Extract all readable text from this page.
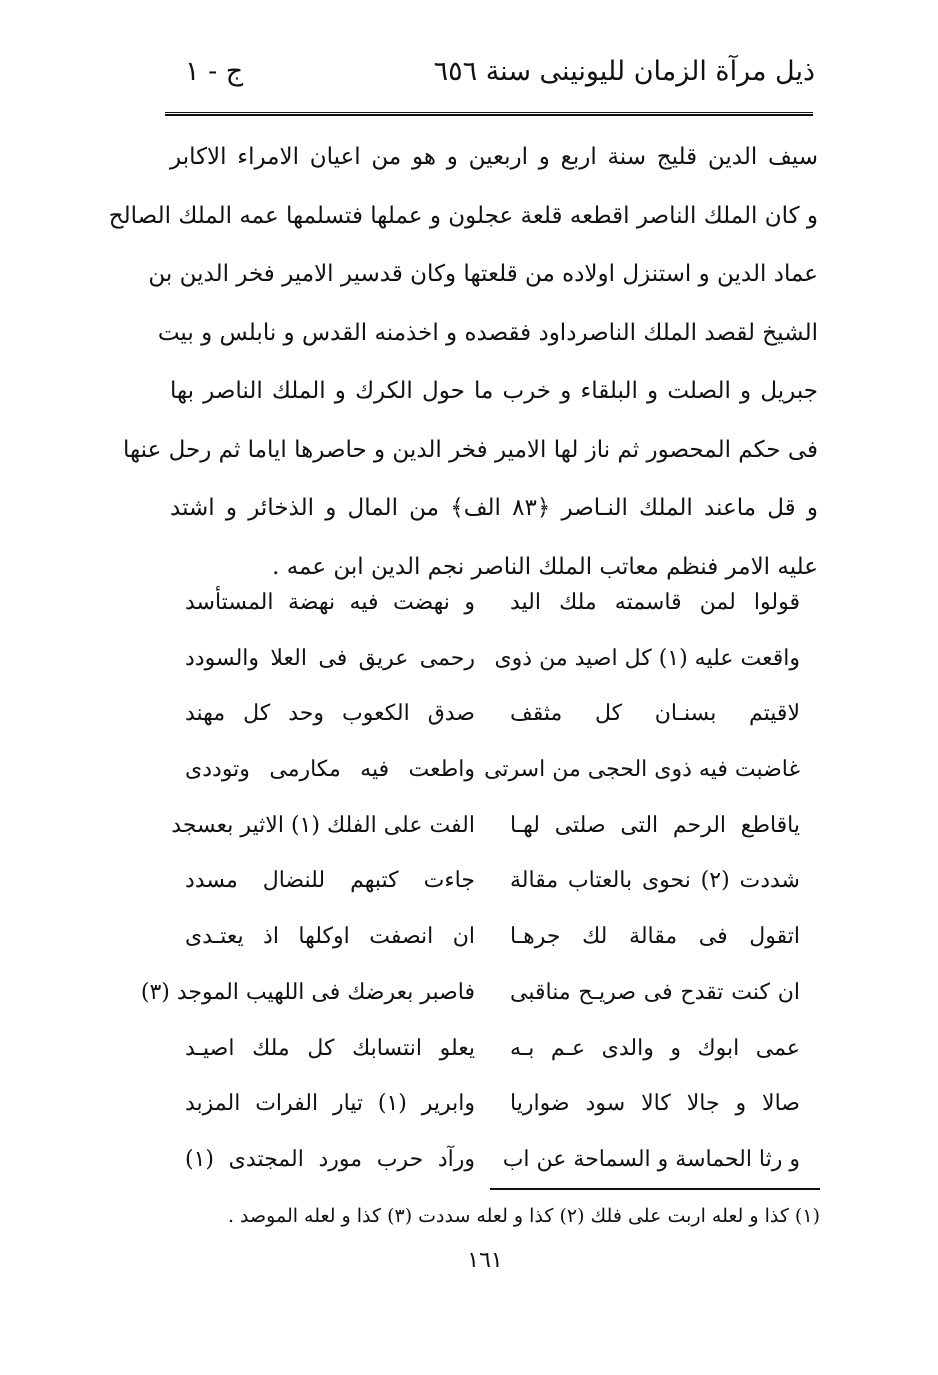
ذيل مرآة الزمان لليونينى سنة ٦٥٦
ج - ١
سيف الدين قليج سنة اربع و اربعين و هو من اعيان الامراء الاكابر
و كان الملك الناصر اقطعه قلعة عجلون و عملها فتسلمها عمه الملك الصالح
عماد الدين و استنزل اولاده من قلعتها وكان قدسير الامير فخر الدين بن
الشيخ لقصد الملك الناصرداود فقصده و اخذمنه القدس و نابلس و بيت
جبريل و الصلت و البلقاء و خرب ما حول الكرك و الملك الناصر بها
فى حكم المحصور ثم ناز لها الامير فخر الدين و حاصرها اياما ثم رحل عنها
و قل ماعند الملك النـاصر ﴿٨٣ الف﴾ من المال و الذخائر و اشتد
عليه الامر فنظم معاتب الملك الناصر نجم الدين ابن عمه .
قولوا لمن قاسمته ملك اليد
و نهضت فيه نهضة المستأسد
واقعت عليه (١) كل اصيد من ذوى
رحمى عريق فى العلا والسودد
لاقيتم بسنـان كل مثقف
صدق الكعوب وحد كل مهند
غاضبت فيه ذوى الحجى من اسرتى
واطعت فيه مكارمى وتوددى
ياقاطع الرحم التى صلتى لهـا
الفت على الفلك (١) الاثير بعسجد
شددت (٢) نحوى بالعتاب مقالة
جاءت كتبهم للنضال مسدد
اتقول فى مقالة لك جرهـا
ان انصفت اوكلها اذ يعتـدى
ان كنت تقدح فى صريـح مناقبى
فاصبر بعرضك فى اللهيب الموجد (٣)
عمى ابوك و والدى عـم بـه
يعلو انتسابك كل ملك اصيـد
صالا و جالا كالا سود ضواريا
وابرير (١) تيار الفرات المزبد
و رثا الحماسة و السماحة عن اب
ورآد حرب مورد المجتدى (١)
(١) كذا و لعله اربت على فلك (٢) كذا و لعله سددت (٣) كذا و لعله الموصد .
١٦١
